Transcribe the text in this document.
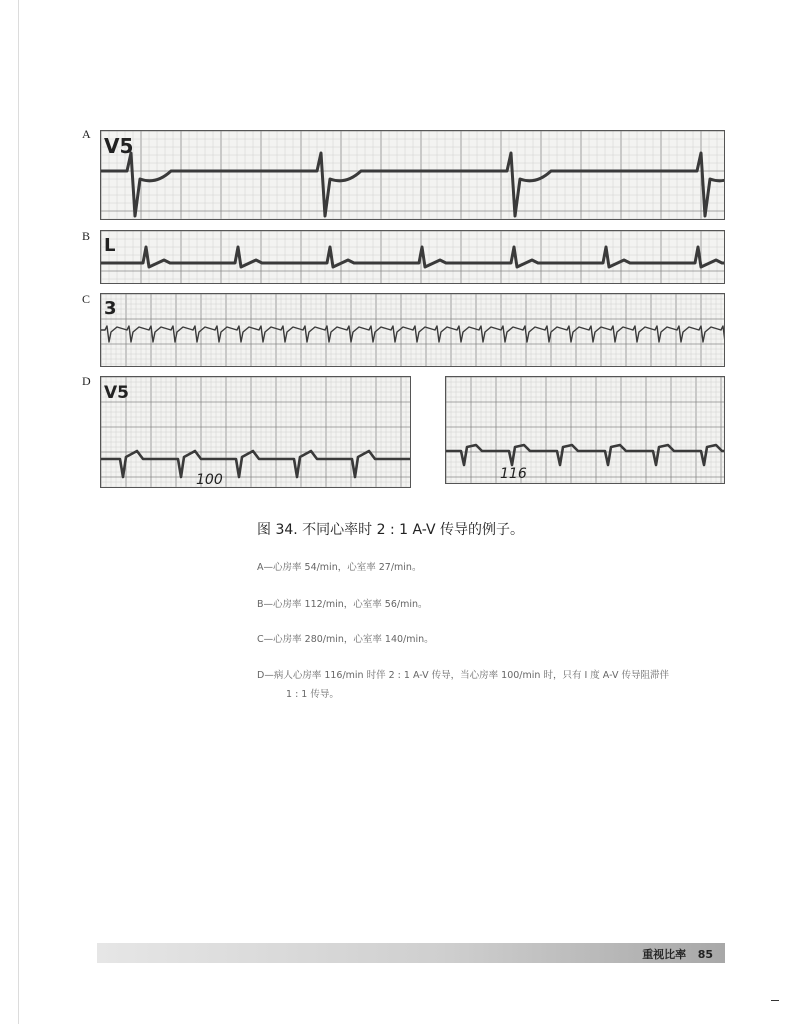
A V5
B L
C 3
D
V5
100	116
图 34. 不同心率时 2 : 1 A-V 传导的例子。
A—心房率 54/min，心室率 27/min。
B—心房率 112/min，心室率 56/min。
C—心房率 280/min，心室率 140/min。
D—病人心房率 116/min 时伴 2 : 1 A-V 传导，当心房率 100/min 时，只有 I 度 A-V 传导阻滞伴
1 : 1 传导。
重视比率 85
